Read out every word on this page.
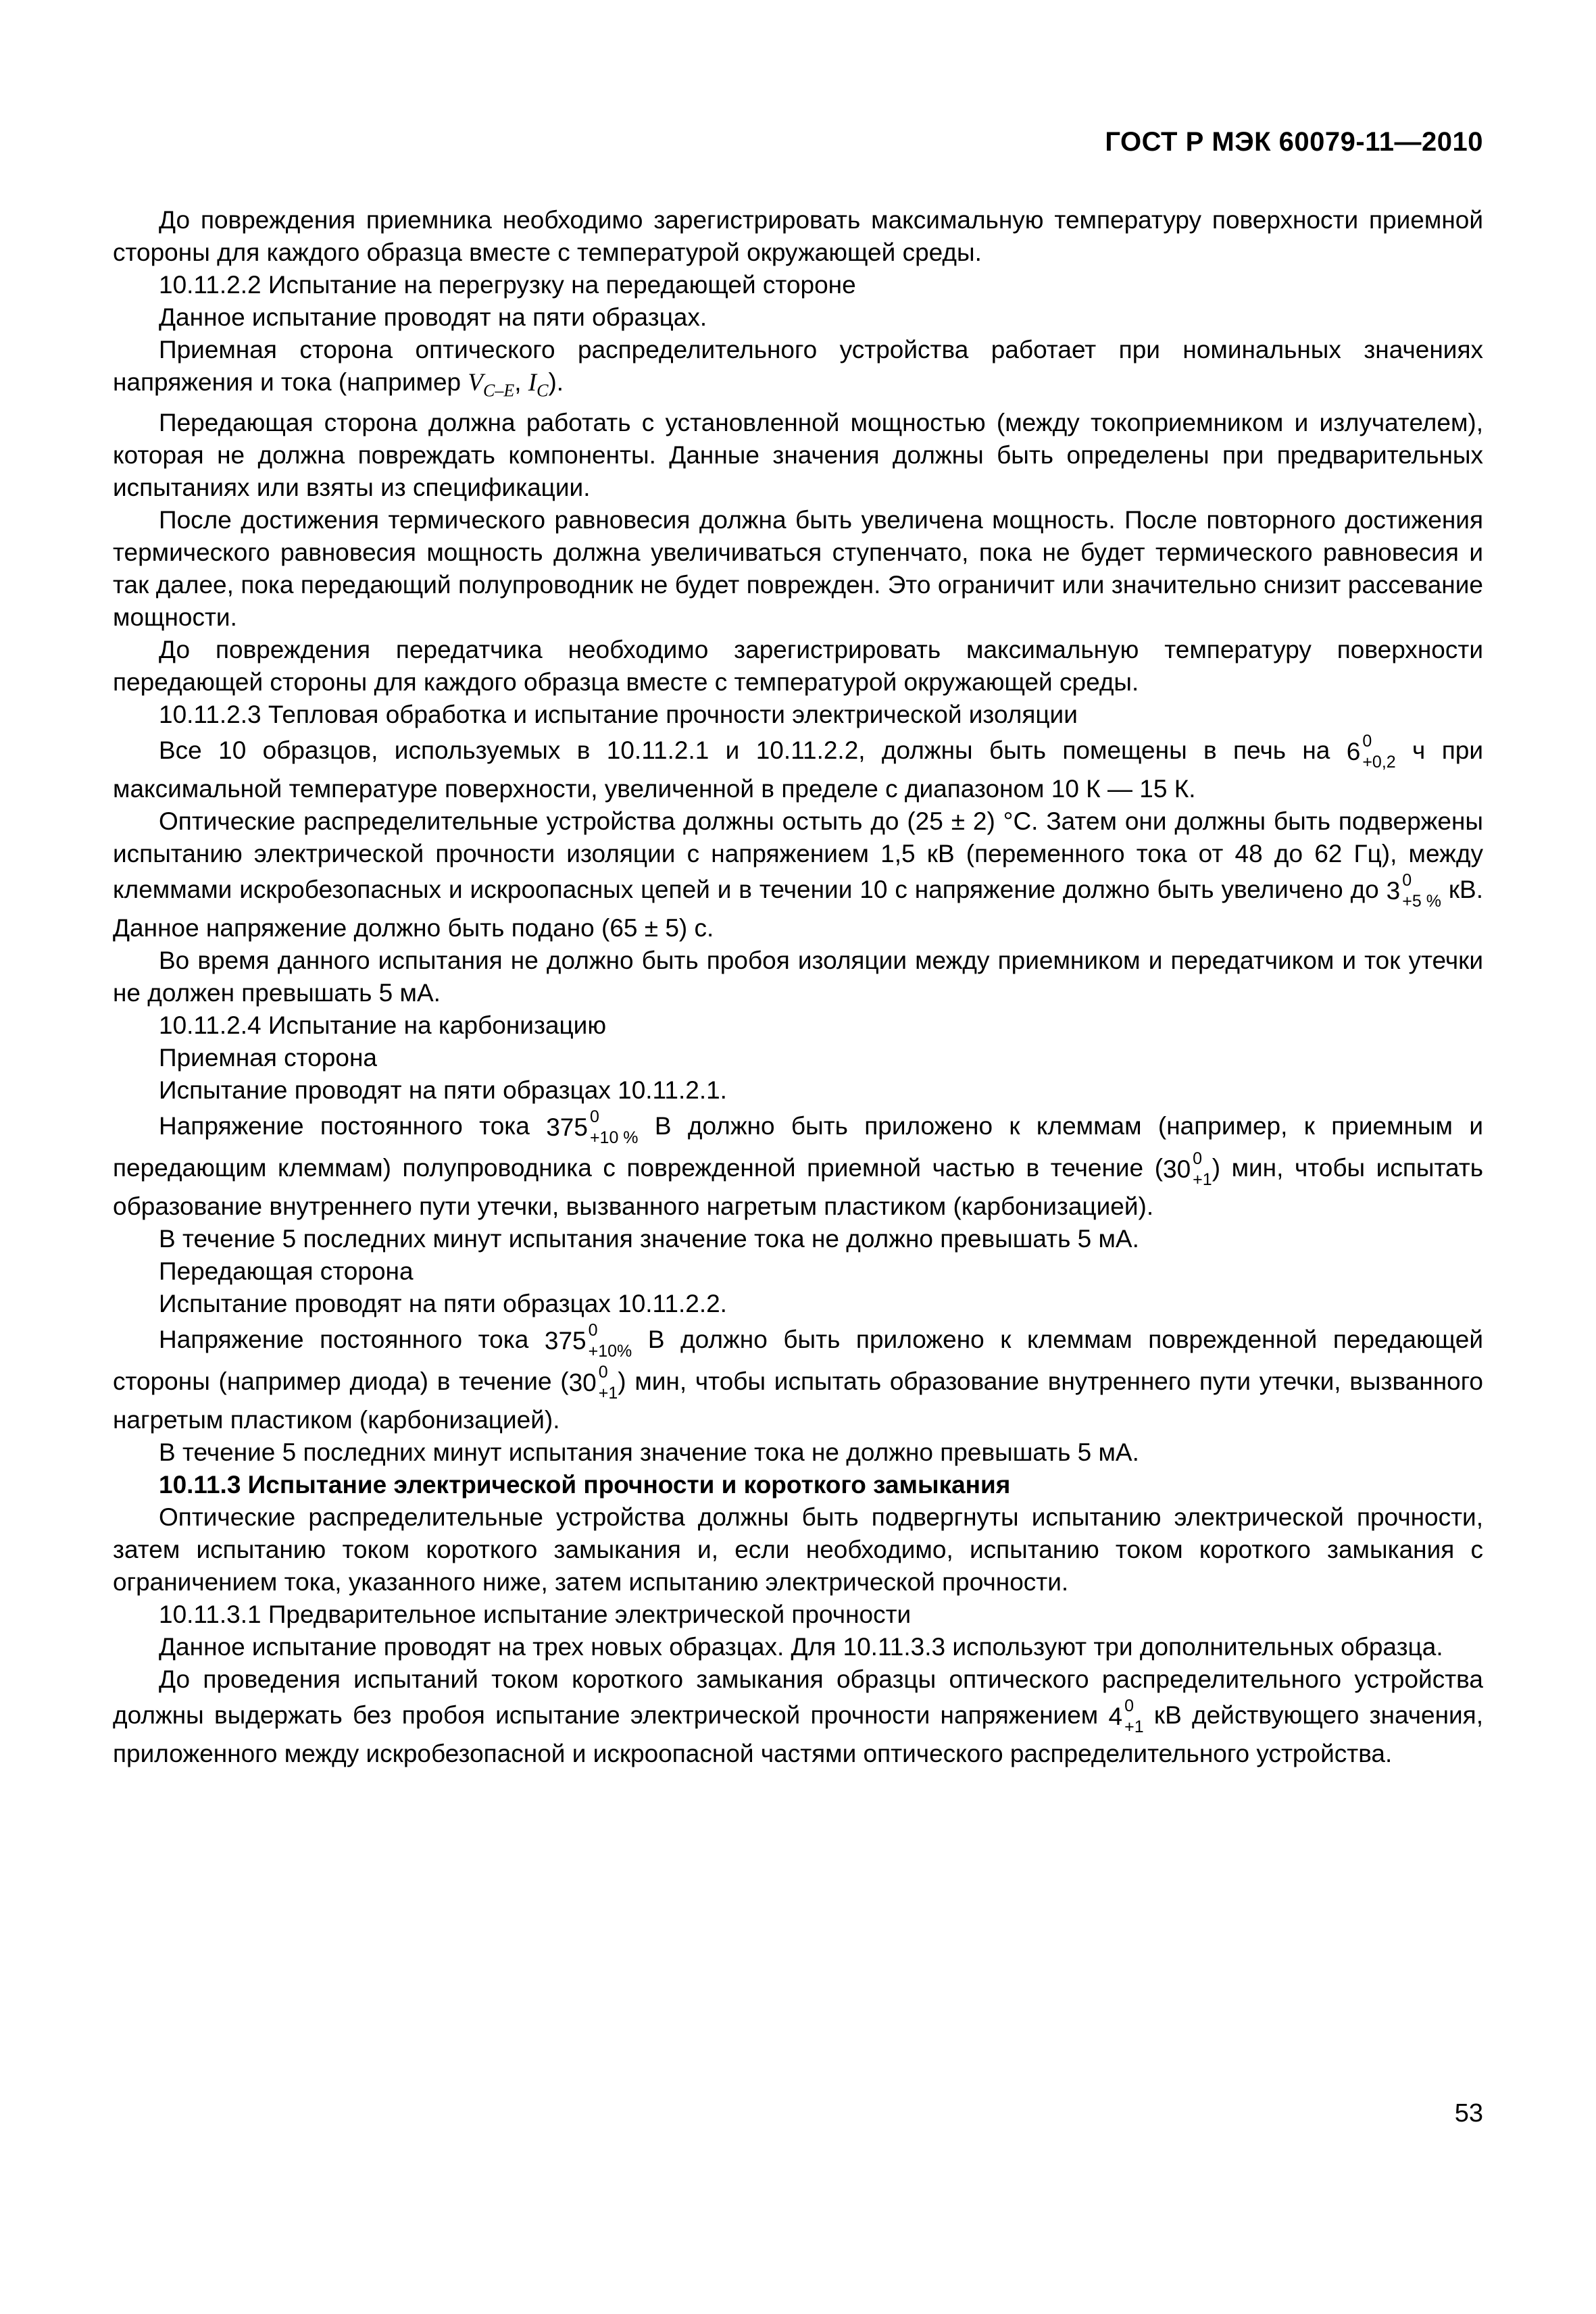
ГОСТ Р МЭК 60079-11—2010

До повреждения приемника необходимо зарегистрировать максимальную температуру поверхности приемной стороны для каждого образца вместе с температурой окружающей среды.

10.11.2.2 Испытание на перегрузку на передающей стороне

Данное испытание проводят на пяти образцах.

Приемная сторона оптического распределительного устройства работает при номинальных значениях напряжения и тока (например $V_{C-E}$, $I_C$).

Передающая сторона должна работать с установленной мощностью (между токоприемником и излучателем), которая не должна повреждать компоненты. Данные значения должны быть определены при предварительных испытаниях или взяты из спецификации.

После достижения термического равновесия должна быть увеличена мощность. После повторного достижения термического равновесия мощность должна увеличиваться ступенчато, пока не будет термического равновесия и так далее, пока передающий полупроводник не будет поврежден. Это ограничит или значительно снизит рассевание мощности.

До повреждения передатчика необходимо зарегистрировать максимальную температуру поверхности передающей стороны для каждого образца вместе с температурой окружающей среды.

10.11.2.3 Тепловая обработка и испытание прочности электрической изоляции

Все 10 образцов, используемых в 10.11.2.1 и 10.11.2.2, должны быть помещены в печь на 6 0
+0,2 ч при максимальной температуре поверхности, увеличенной в пределе с диапазоном 10 К — 15 К.

Оптические распределительные устройства должны остыть до (25 ± 2) °С. Затем они должны быть подвержены испытанию электрической прочности изоляции с напряжением 1,5 кВ (переменного тока от 48 до 62 Гц), между клеммами искробезопасных и искроопасных цепей и в течении 10 с напряжение должно быть увеличено до 3 0
+5 % кВ. Данное напряжение должно быть подано (65 ± 5) с.

Во время данного испытания не должно быть пробоя изоляции между приемником и передатчиком и ток утечки не должен превышать 5 мА.

10.11.2.4 Испытание на карбонизацию

Приемная сторона

Испытание проводят на пяти образцах 10.11.2.1.

Напряжение постоянного тока 375 0
+10 % В должно быть приложено к клеммам (например, к приемным и передающим клеммам) полупроводника с поврежденной приемной частью в течение ( 30 0
+1 ) мин, чтобы испытать образование внутреннего пути утечки, вызванного нагретым пластиком (карбонизацией).

В течение 5 последних минут испытания значение тока не должно превышать 5 мА.

Передающая сторона

Испытание проводят на пяти образцах 10.11.2.2.

Напряжение постоянного тока 375 0
+10% В должно быть приложено к клеммам поврежденной передающей стороны (например диода) в течение ( 30 0
+1 ) мин, чтобы испытать образование внутреннего пути утечки, вызванного нагретым пластиком (карбонизацией).

В течение 5 последних минут испытания значение тока не должно превышать 5 мА.

10.11.3 Испытание электрической прочности и короткого замыкания

Оптические распределительные устройства должны быть подвергнуты испытанию электрической прочности, затем испытанию током короткого замыкания и, если необходимо, испытанию током короткого замыкания с ограничением тока, указанного ниже, затем испытанию электрической прочности.

10.11.3.1 Предварительное испытание электрической прочности

Данное испытание проводят на трех новых образцах. Для 10.11.3.3 используют три дополнительных образца.

До проведения испытаний током короткого замыкания образцы оптического распределительного устройства должны выдержать без пробоя испытание электрической прочности напряжением 4 0
+1 кВ действующего значения, приложенного между искробезопасной и искроопасной частями оптического распределительного устройства.

53
